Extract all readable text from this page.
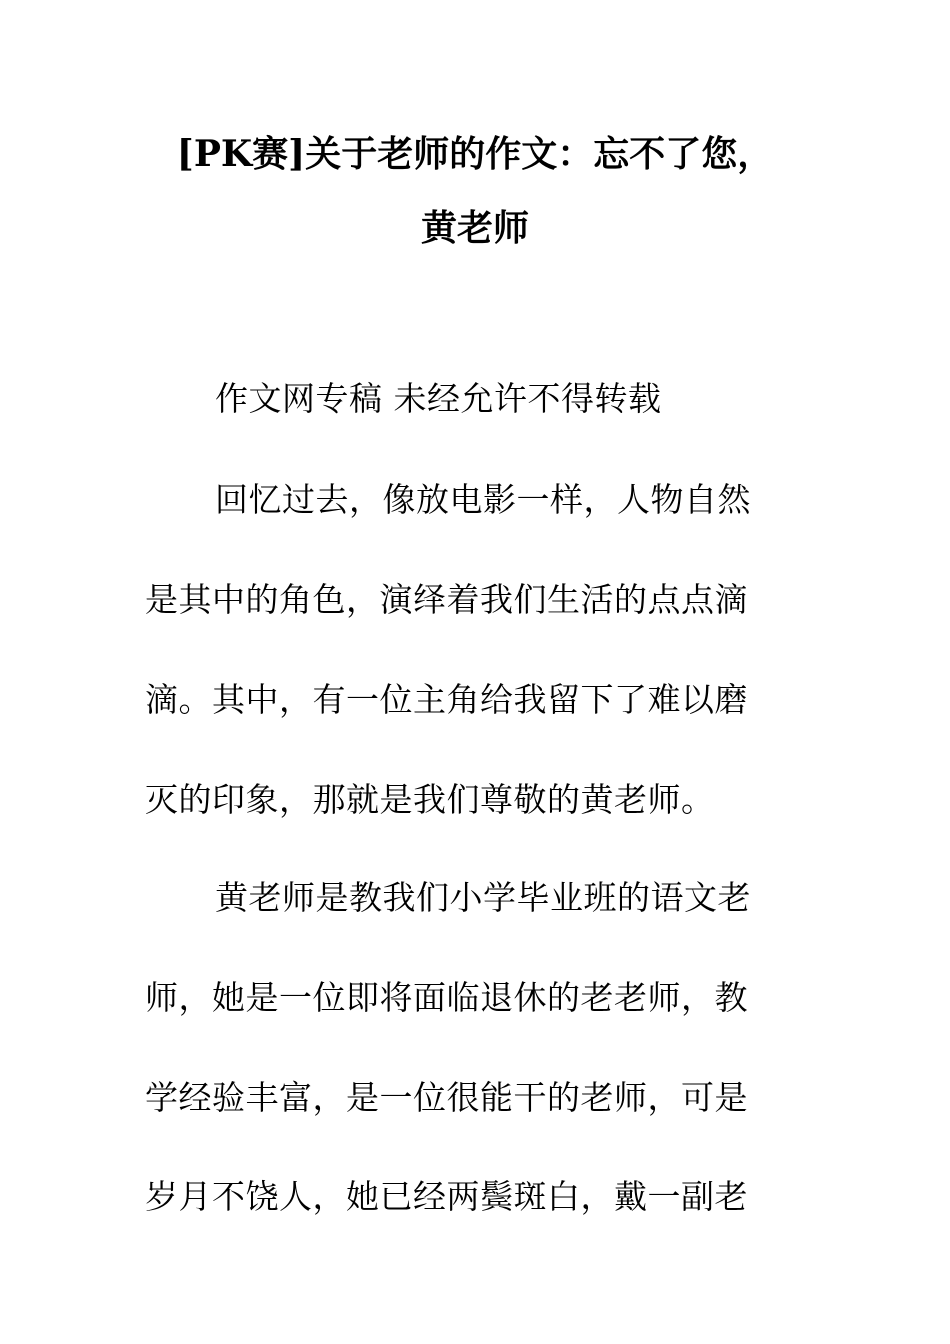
[PK赛]关于老师的作文：忘不了您，
黄老师
作文网专稿 未经允许不得转载
回忆过去，像放电影一样，人物自然
是其中的角色，演绎着我们生活的点点滴
滴。其中，有一位主角给我留下了难以磨
灭的印象，那就是我们尊敬的黄老师。
黄老师是教我们小学毕业班的语文老
师，她是一位即将面临退休的老老师，教
学经验丰富，是一位很能干的老师，可是
岁月不饶人，她已经两鬓斑白，戴一副老
